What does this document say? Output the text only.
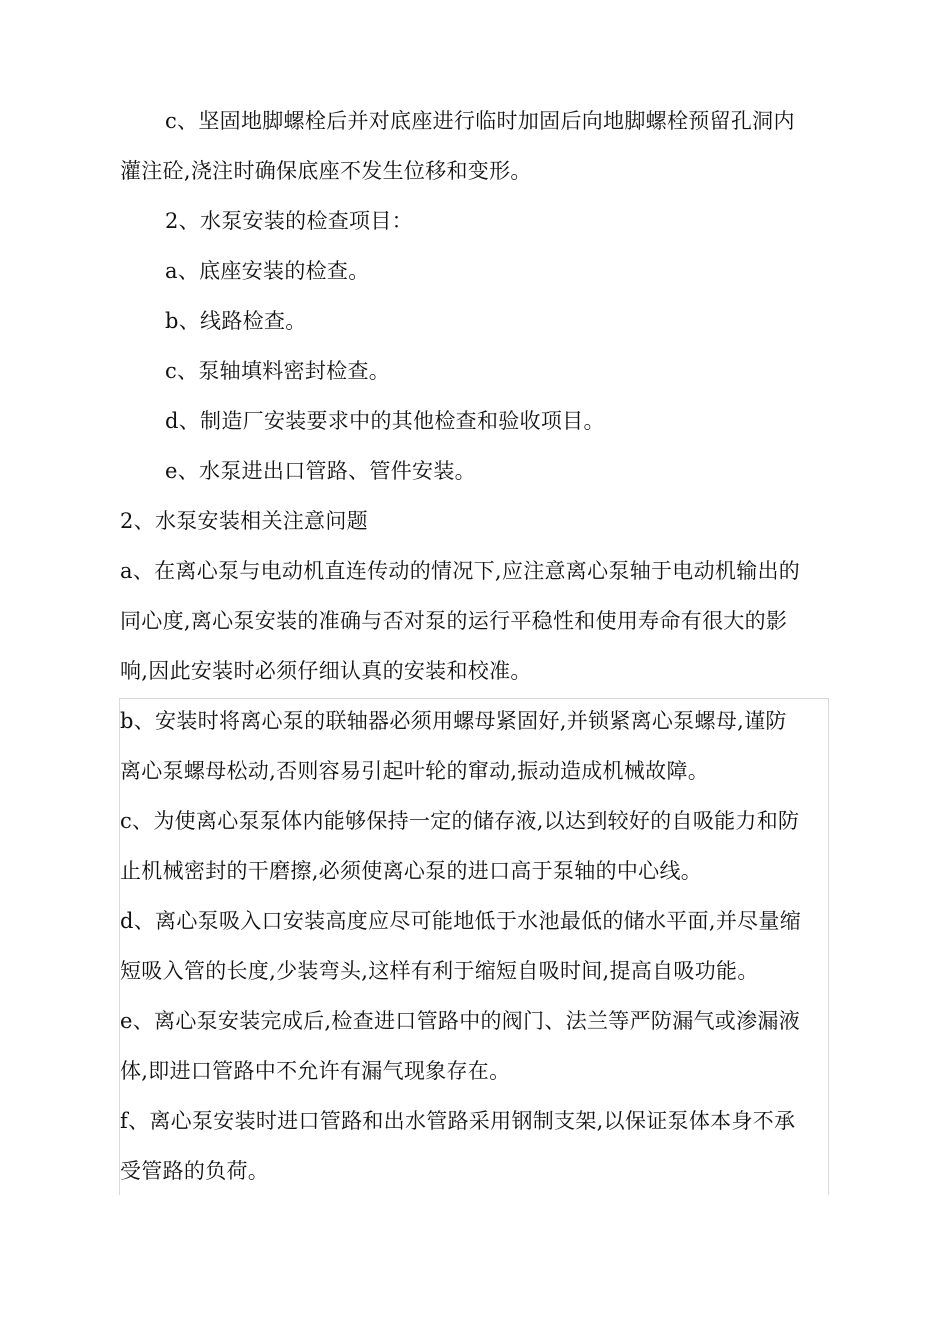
c、坚固地脚螺栓后并对底座进行临时加固后向地脚螺栓预留孔洞内
灌注砼,浇注时确保底座不发生位移和变形。
2、水泵安装的检查项目：
a、底座安装的检查。
b、线路检查。
c、泵轴填料密封检查。
d、制造厂安装要求中的其他检查和验收项目。
e、水泵进出口管路、管件安装。
2、水泵安装相关注意问题
a、在离心泵与电动机直连传动的情况下,应注意离心泵轴于电动机输出的
同心度,离心泵安装的准确与否对泵的运行平稳性和使用寿命有很大的影
响,因此安装时必须仔细认真的安装和校准。
b、安装时将离心泵的联轴器必须用螺母紧固好,并锁紧离心泵螺母,谨防
离心泵螺母松动,否则容易引起叶轮的窜动,振动造成机械故障。
c、为使离心泵泵体内能够保持一定的储存液,以达到较好的自吸能力和防
止机械密封的干磨擦,必须使离心泵的进口高于泵轴的中心线。
d、离心泵吸入口安装高度应尽可能地低于水池最低的储水平面,并尽量缩
短吸入管的长度,少装弯头,这样有利于缩短自吸时间,提高自吸功能。
e、离心泵安装完成后,检查进口管路中的阀门、法兰等严防漏气或渗漏液
体,即进口管路中不允许有漏气现象存在。
f、离心泵安装时进口管路和出水管路采用钢制支架,以保证泵体本身不承
受管路的负荷。
